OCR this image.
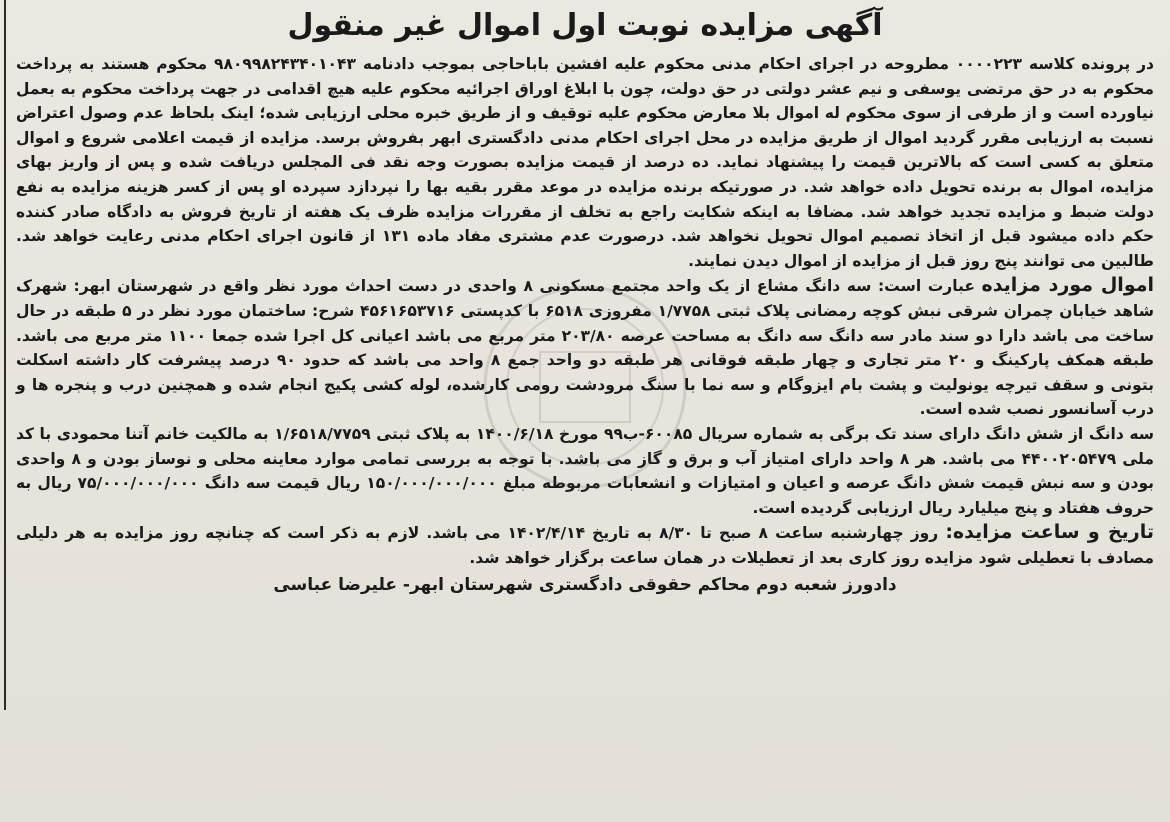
آگهی مزایده نوبت اول اموال غیر منقول

در پرونده کلاسه ۰۰۰۰۲۲۳ مطروحه در اجرای احکام مدنی محکوم علیه افشین باباحاجی بموجب دادنامه ۹۸۰۹۹۸۲۴۳۴۰۱۰۴۳ محکوم هستند به پرداخت محکوم به در حق مرتضی یوسفی و نیم عشر دولتی در حق دولت، چون با ابلاغ اوراق اجرائیه محکوم علیه هیچ اقدامی در جهت پرداخت محکوم به بعمل نیاورده است و از طرفی از سوی محکوم له اموال بلا معارض محکوم علیه توقیف و از طریق خبره محلی ارزیابی شده؛ اینک بلحاظ عدم وصول اعتراض نسبت به ارزیابی مقرر گردید اموال از طریق مزایده در محل اجرای احکام مدنی دادگستری ابهر بفروش برسد. مزایده از قیمت اعلامی شروع و اموال متعلق به کسی است که بالاترین قیمت را پیشنهاد نماید. ده درصد از قیمت مزایده بصورت وجه نقد فی المجلس دریافت شده و پس از واریز بهای مزایده، اموال به برنده تحویل داده خواهد شد. در صورتیکه برنده مزایده در موعد مقرر بقیه بها را نپردازد سپرده او پس از کسر هزینه مزایده به نفع دولت ضبط و مزایده تجدید خواهد شد. مضافا به اینکه شکایت راجع به تخلف از مقررات مزایده ظرف یک هفته از تاریخ فروش به دادگاه صادر کننده حکم داده میشود قبل از اتخاذ تصمیم اموال تحویل نخواهد شد. درصورت عدم مشتری مفاد ماده ۱۳۱ از قانون اجرای احکام مدنی رعایت خواهد شد. طالبین می توانند پنج روز قبل از مزایده از اموال دیدن نمایند.

اموال مورد مزایده عبارت است: سه دانگ مشاع از یک واحد مجتمع مسکونی ۸ واحدی در دست احداث مورد نظر واقع در شهرستان ابهر: شهرک شاهد خیابان چمران شرقی نبش کوچه رمضانی پلاک ثبتی ۱/۷۷۵۸ مفروزی ۶۵۱۸ با کدپستی ۴۵۶۱۶۵۳۷۱۶ شرح: ساختمان مورد نظر در ۵ طبقه در حال ساخت می باشد دارا دو سند مادر سه دانگ سه دانگ به مساحت عرصه ۲۰۳/۸۰ متر مربع می باشد اعیانی کل اجرا شده جمعا ۱۱۰۰ متر مربع می باشد. طبقه همکف پارکینگ و ۲۰ متر تجاری و چهار طبقه فوقانی هر طبقه دو واحد جمع ۸ واحد می باشد که حدود ۹۰ درصد پیشرفت کار داشته اسکلت بتونی و سقف تیرچه یونولیت و پشت بام ایزوگام و سه نما با سنگ مرودشت رومی کارشده، لوله کشی پکیج انجام شده و همچنین درب و پنجره ها و درب آسانسور نصب شده است.

سه دانگ از شش دانگ دارای سند تک برگی به شماره سریال ۶۰۰۸۵-ب۹۹ مورخ ۱۴۰۰/۶/۱۸ به پلاک ثبتی ۱/۶۵۱۸/۷۷۵۹ به مالکیت خانم آتنا محمودی با کد ملی ۴۴۰۰۲۰۵۴۷۹ می باشد. هر ۸ واحد دارای امتیاز آب و برق و گاز می باشد. با توجه به بررسی تمامی موارد معاینه محلی و نوساز بودن و ۸ واحدی بودن و سه نبش قیمت شش دانگ عرصه و اعیان و امتیازات و انشعابات مربوطه مبلغ ۱۵۰/۰۰۰/۰۰۰/۰۰۰ ریال قیمت سه دانگ ۷۵/۰۰۰/۰۰۰/۰۰۰ ریال به حروف هفتاد و پنج میلیارد ریال ارزیابی گردیده است.

تاریخ و ساعت مزایده: روز چهارشنبه ساعت ۸ صبح تا ۸/۳۰ به تاریخ ۱۴۰۲/۴/۱۴ می باشد. لازم به ذکر است که چنانچه روز مزایده به هر دلیلی مصادف با تعطیلی شود مزایده روز کاری بعد از تعطیلات در همان ساعت برگزار خواهد شد.

دادورز شعبه دوم محاکم حقوقی دادگستری شهرستان ابهر- علیرضا عباسی
